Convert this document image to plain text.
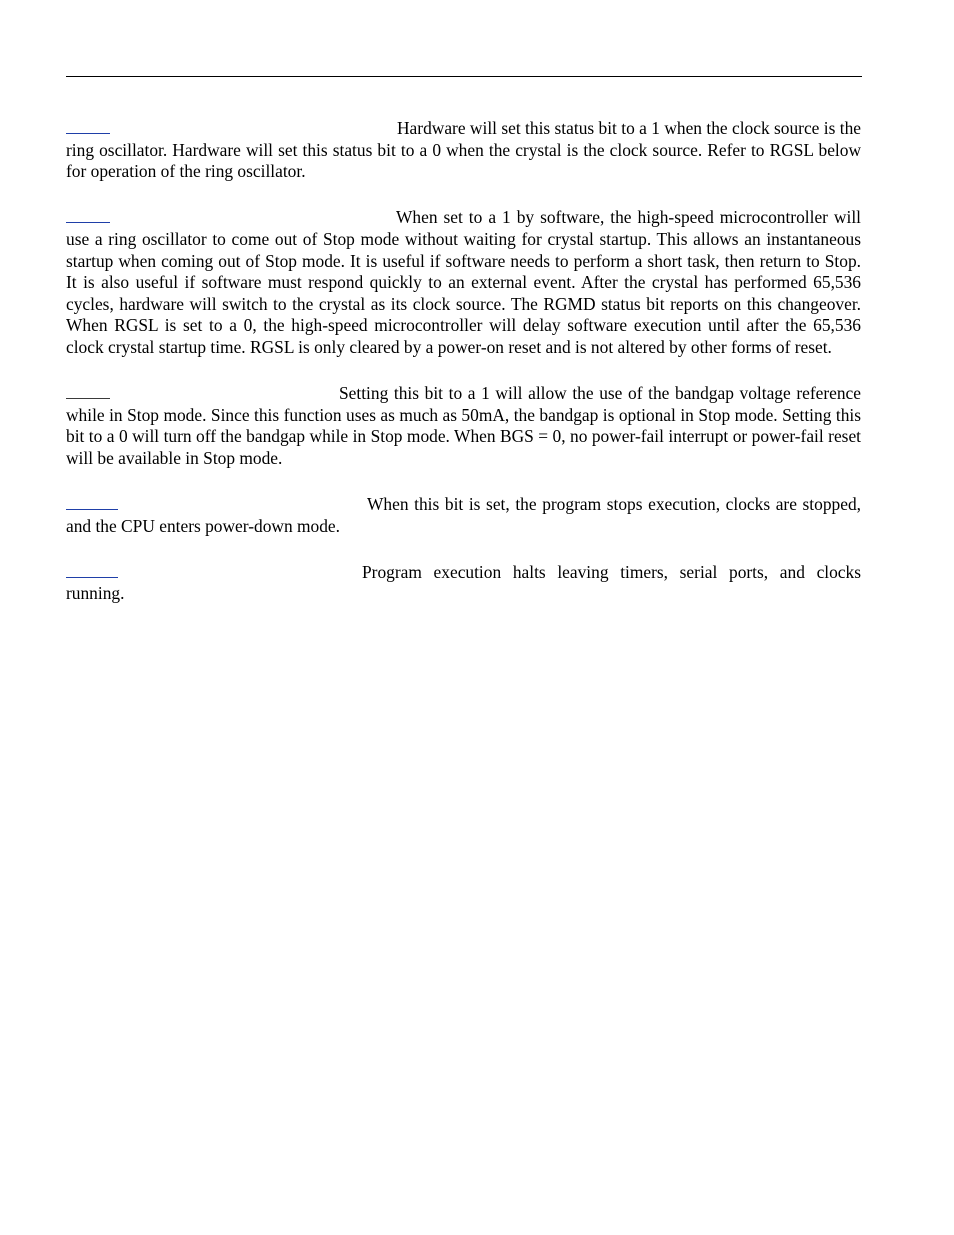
Hardware will set this status bit to a 1 when the clock source is the ring oscillator. Hardware will set this status bit to a 0 when the crystal is the clock source. Refer to RGSL below for operation of the ring oscillator.

When set to a 1 by software, the high-speed microcontroller will use a ring oscillator to come out of Stop mode without waiting for crystal startup. This allows an instantaneous startup when coming out of Stop mode. It is useful if software needs to perform a short task, then return to Stop. It is also useful if software must respond quickly to an external event. After the crystal has performed 65,536 cycles, hardware will switch to the crystal as its clock source. The RGMD status bit reports on this changeover. When RGSL is set to a 0, the high-speed microcontroller will delay software execution until after the 65,536 clock crystal startup time. RGSL is only cleared by a power-on reset and is not altered by other forms of reset.

Setting this bit to a 1 will allow the use of the bandgap voltage reference while in Stop mode. Since this function uses as much as 50mA, the bandgap is optional in Stop mode. Setting this bit to a 0 will turn off the bandgap while in Stop mode. When BGS = 0, no power-fail interrupt or power-fail reset will be available in Stop mode.

When this bit is set, the program stops execution, clocks are stopped, and the CPU enters power-down mode.

Program execution halts leaving timers, serial ports, and clocks running.
